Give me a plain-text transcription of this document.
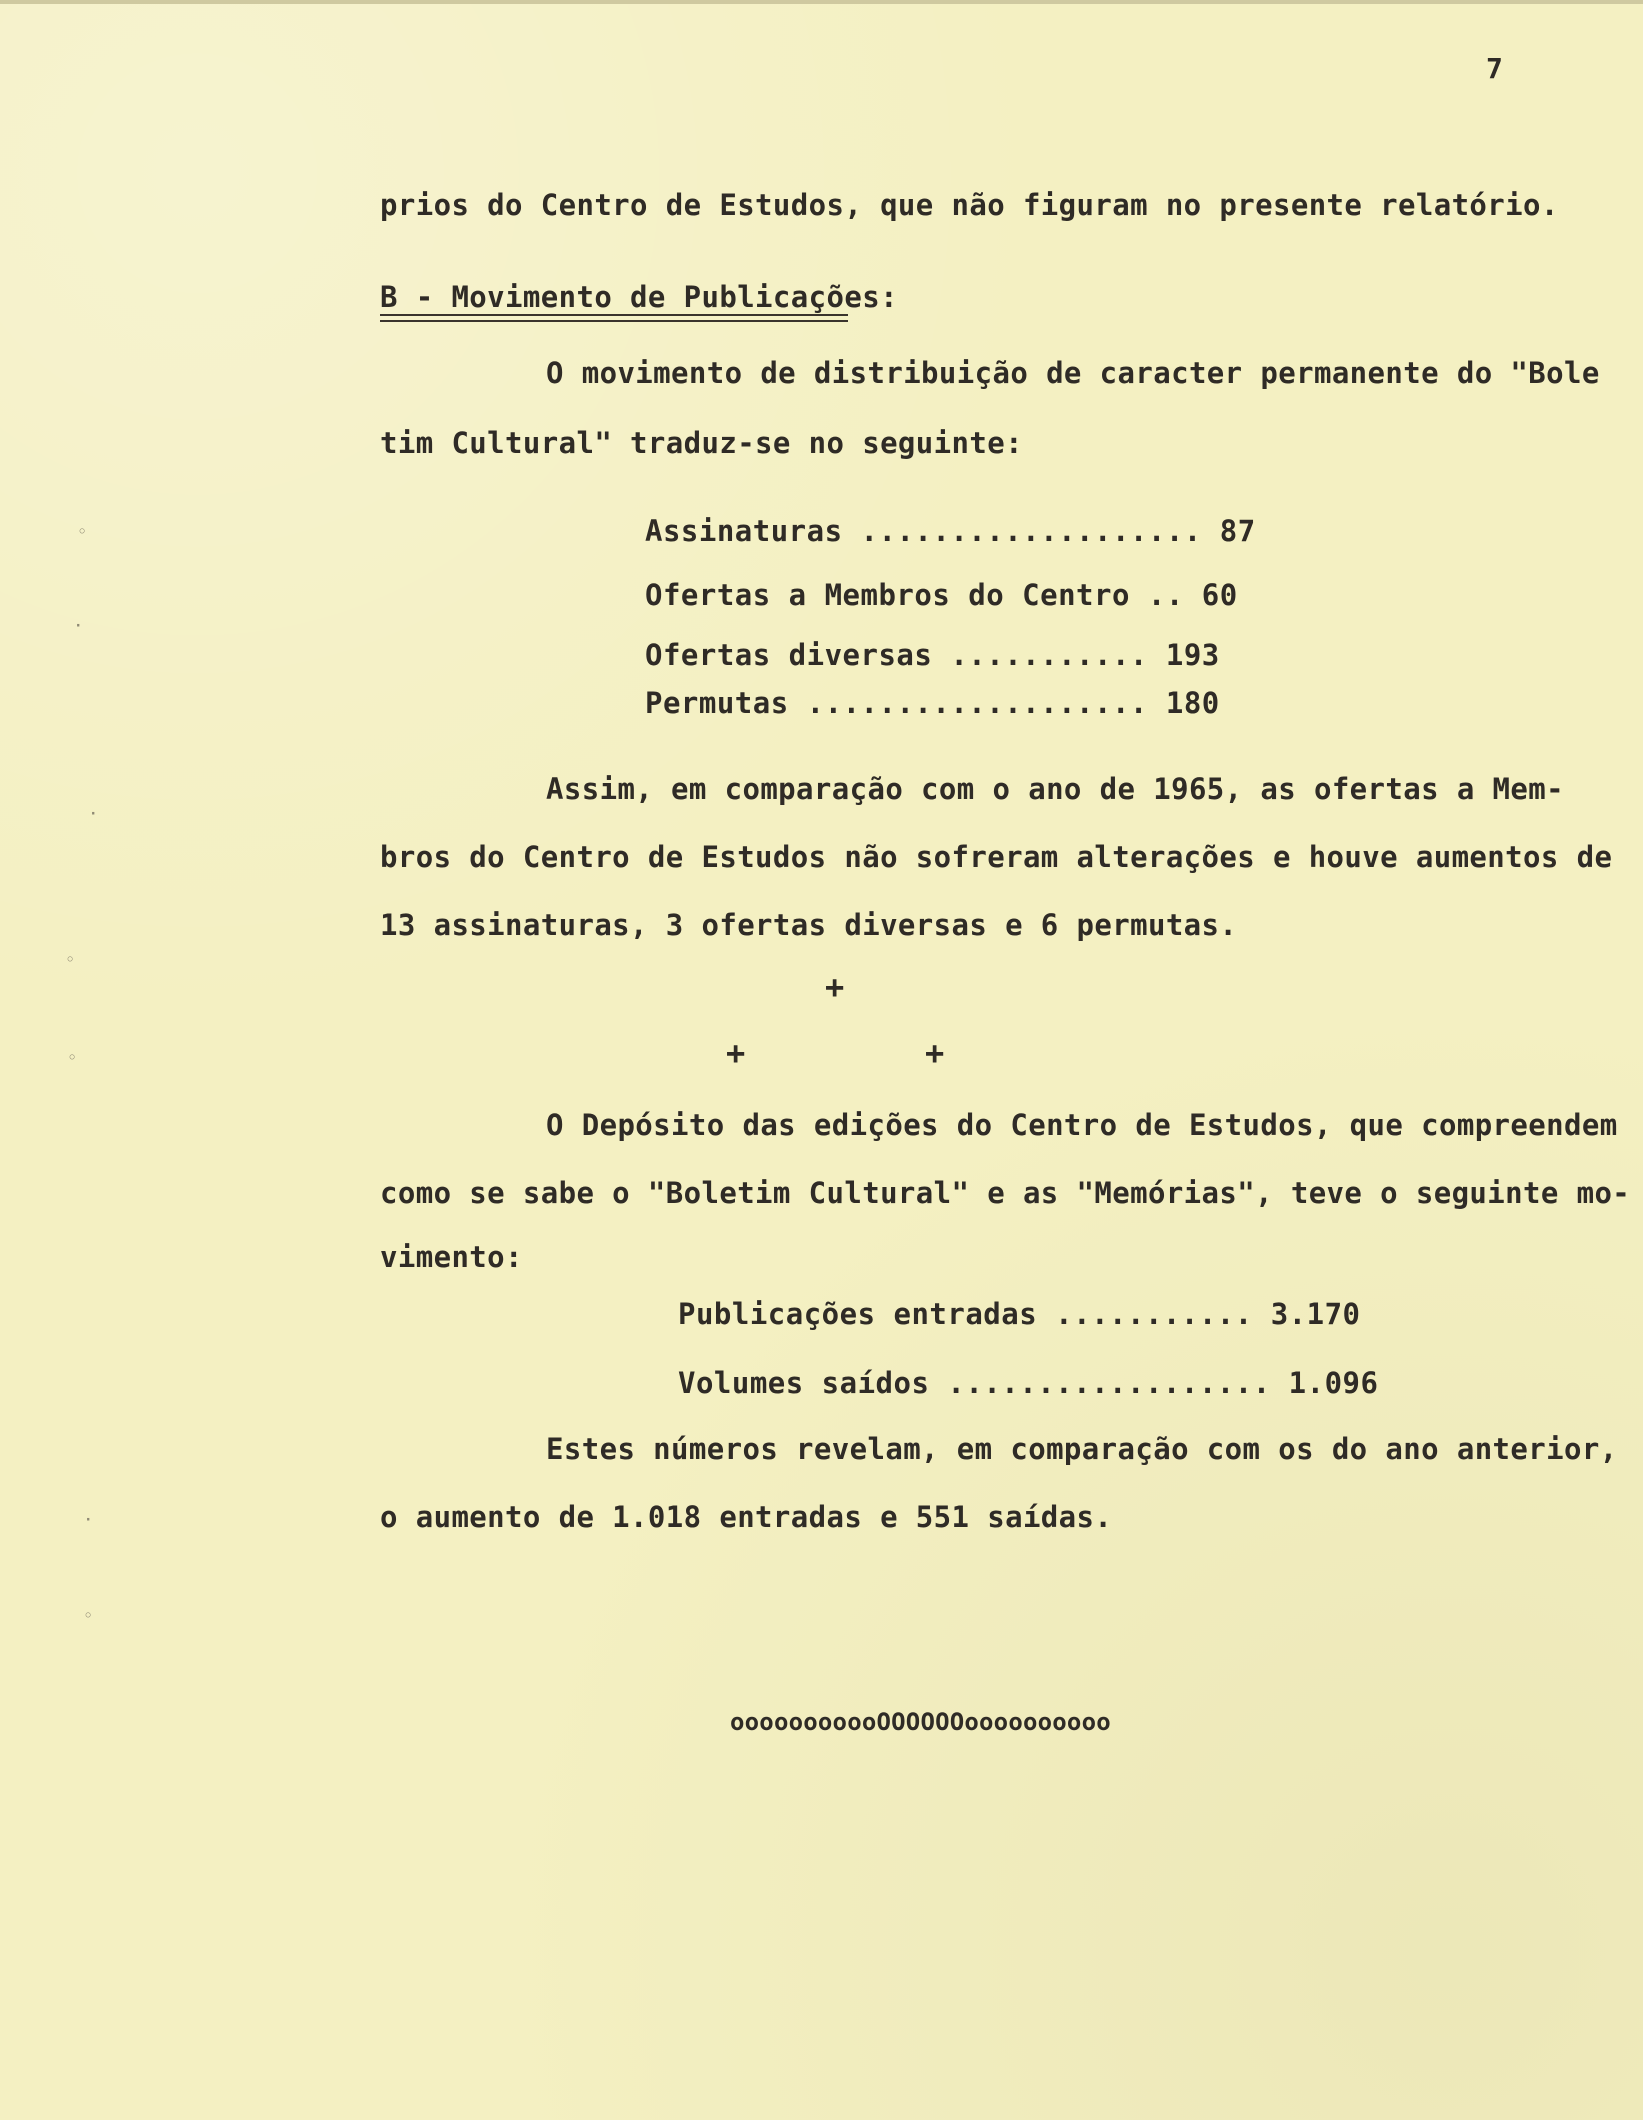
7
prios do Centro de Estudos, que não figuram no presente relatório.
B - Movimento de Publicações:
O movimento de distribuição de caracter permanente do "Bole
tim Cultural" traduz-se no seguinte:
Assinaturas ................... 87
Ofertas a Membros do Centro .. 60
Ofertas diversas ........... 193
Permutas ................... 180
Assim, em comparação com o ano de 1965, as ofertas a Mem-
bros do Centro de Estudos não sofreram alterações e houve aumentos de
13 assinaturas, 3 ofertas diversas e 6 permutas.
+
+	+
O Depósito das edições do Centro de Estudos, que compreendem
como se sabe o "Boletim Cultural" e as "Memórias", teve o seguinte mo-
vimento:
Publicações entradas ........... 3.170
Volumes saídos .................. 1.096
Estes números revelam, em comparação com os do ano anterior,
o aumento de 1.018 entradas e 551 saídas.
ooooooooooOOOOOOoooooooooo
◦
·
·
◦
◦
·
◦
